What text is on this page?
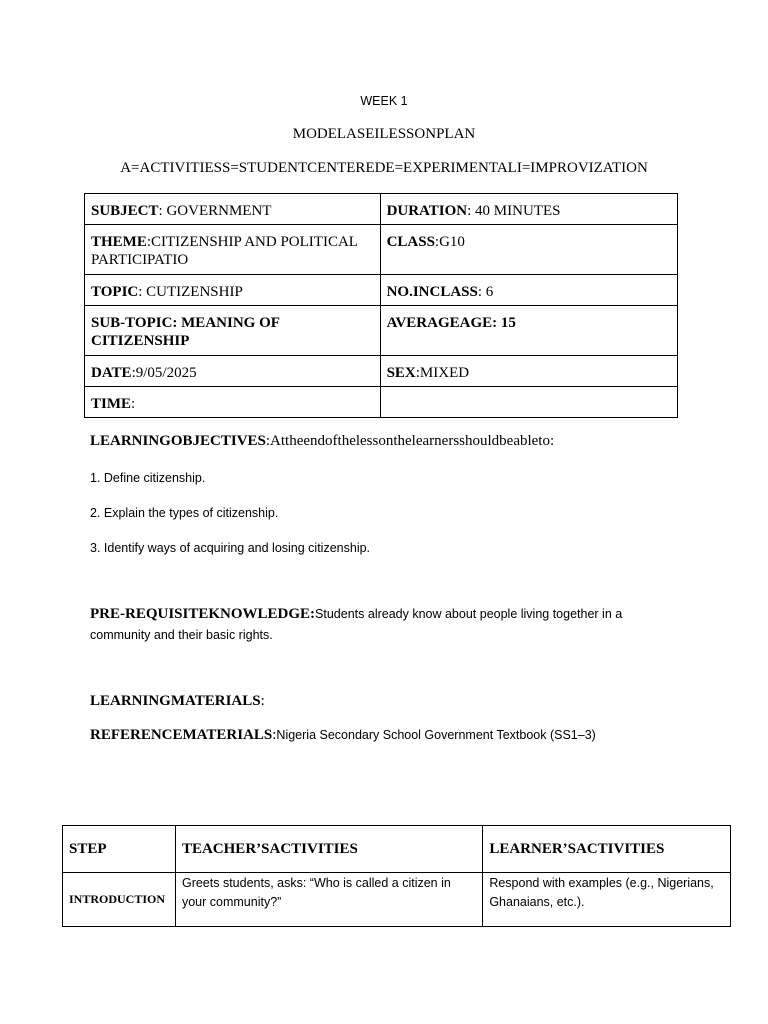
WEEK 1
MODELASEILESSONPLAN
A=ACTIVITIESS=STUDENTCENTEREDE=EXPERIMENTALI=IMPROVIZATION
SUBJECT: GOVERNMENT	DURATION: 40 MINUTES
THEME:CITIZENSHIP AND POLITICAL PARTICIPATIO	CLASS:G10
TOPIC: CUTIZENSHIP	NO.INCLASS: 6
SUB-TOPIC: MEANING OF CITIZENSHIP	AVERAGEAGE: 15
DATE:9/05/2025	SEX:MIXED
TIME:	
LEARNINGOBJECTIVES:Attheendofthelessonthelearnersshouldbeableto:
1. Define citizenship.
2. Explain the types of citizenship.
3. Identify ways of acquiring and losing citizenship.
PRE-REQUISITEKNOWLEDGE:Students already know about people living together in a community and their basic rights.
LEARNINGMATERIALS:
REFERENCEMATERIALS:Nigeria Secondary School Government Textbook (SS1–3)
STEP	TEACHER’SACTIVITIES	LEARNER’SACTIVITIES
INTRODUCTION	Greets students, asks: “Who is called a citizen in your community?”	Respond with examples (e.g., Nigerians, Ghanaians, etc.).
